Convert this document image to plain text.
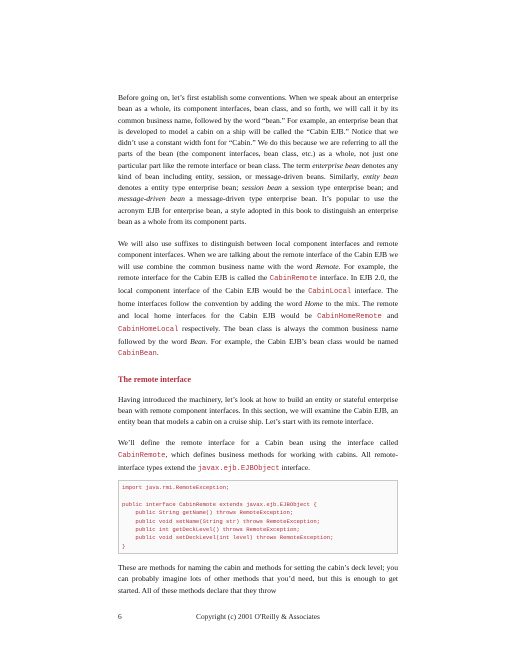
Before going on, let’s first establish some conventions. When we speak about an enterprise bean as a whole, its component interfaces, bean class, and so forth, we will call it by its common business name, followed by the word “bean.” For example, an enterprise bean that is developed to model a cabin on a ship will be called the “Cabin EJB.” Notice that we didn’t use a constant width font for “Cabin.” We do this because we are referring to all the parts of the bean (the component interfaces, bean class, etc.) as a whole, not just one particular part like the remote interface or bean class. The term enterprise bean denotes any kind of bean including entity, session, or message-driven beans. Similarly, entity bean denotes a entity type enterprise bean; session bean a session type enterprise bean; and message-driven bean a message-driven type enterprise bean. It’s popular to use the acronym EJB for enterprise bean, a style adopted in this book to distinguish an enterprise bean as a whole from its component parts.

We will also use suffixes to distinguish between local component interfaces and remote component interfaces. When we are talking about the remote interface of the Cabin EJB we will use combine the common business name with the word Remote. For example, the remote interface for the Cabin EJB is called the CabinRemote interface. In EJB 2.0, the local component interface of the Cabin EJB would be the CabinLocal interface. The home interfaces follow the convention by adding the word Home to the mix. The remote and local home interfaces for the Cabin EJB would be CabinHomeRemote and CabinHomeLocal respectively. The bean class is always the common business name followed by the word Bean. For example, the Cabin EJB’s bean class would be named CabinBean.

The remote interface

Having introduced the machinery, let’s look at how to build an entity or stateful enterprise bean with remote component interfaces. In this section, we will examine the Cabin EJB, an entity bean that models a cabin on a cruise ship. Let’s start with its remote interface.

We’ll define the remote interface for a Cabin bean using the interface called CabinRemote, which defines business methods for working with cabins. All remote-interface types extend the javax.ejb.EJBObject interface.

import java.rmi.RemoteException;

public interface CabinRemote extends javax.ejb.EJBObject {
public String getName() throws RemoteException;
public void setName(String str) throws RemoteException;
public int getDeckLevel() throws RemoteException;
public void setDeckLevel(int level) throws RemoteException;
}

These are methods for naming the cabin and methods for setting the cabin’s deck level; you can probably imagine lots of other methods that you’d need, but this is enough to get started. All of these methods declare that they throw

6	Copyright (c) 2001 O'Reilly & Associates
